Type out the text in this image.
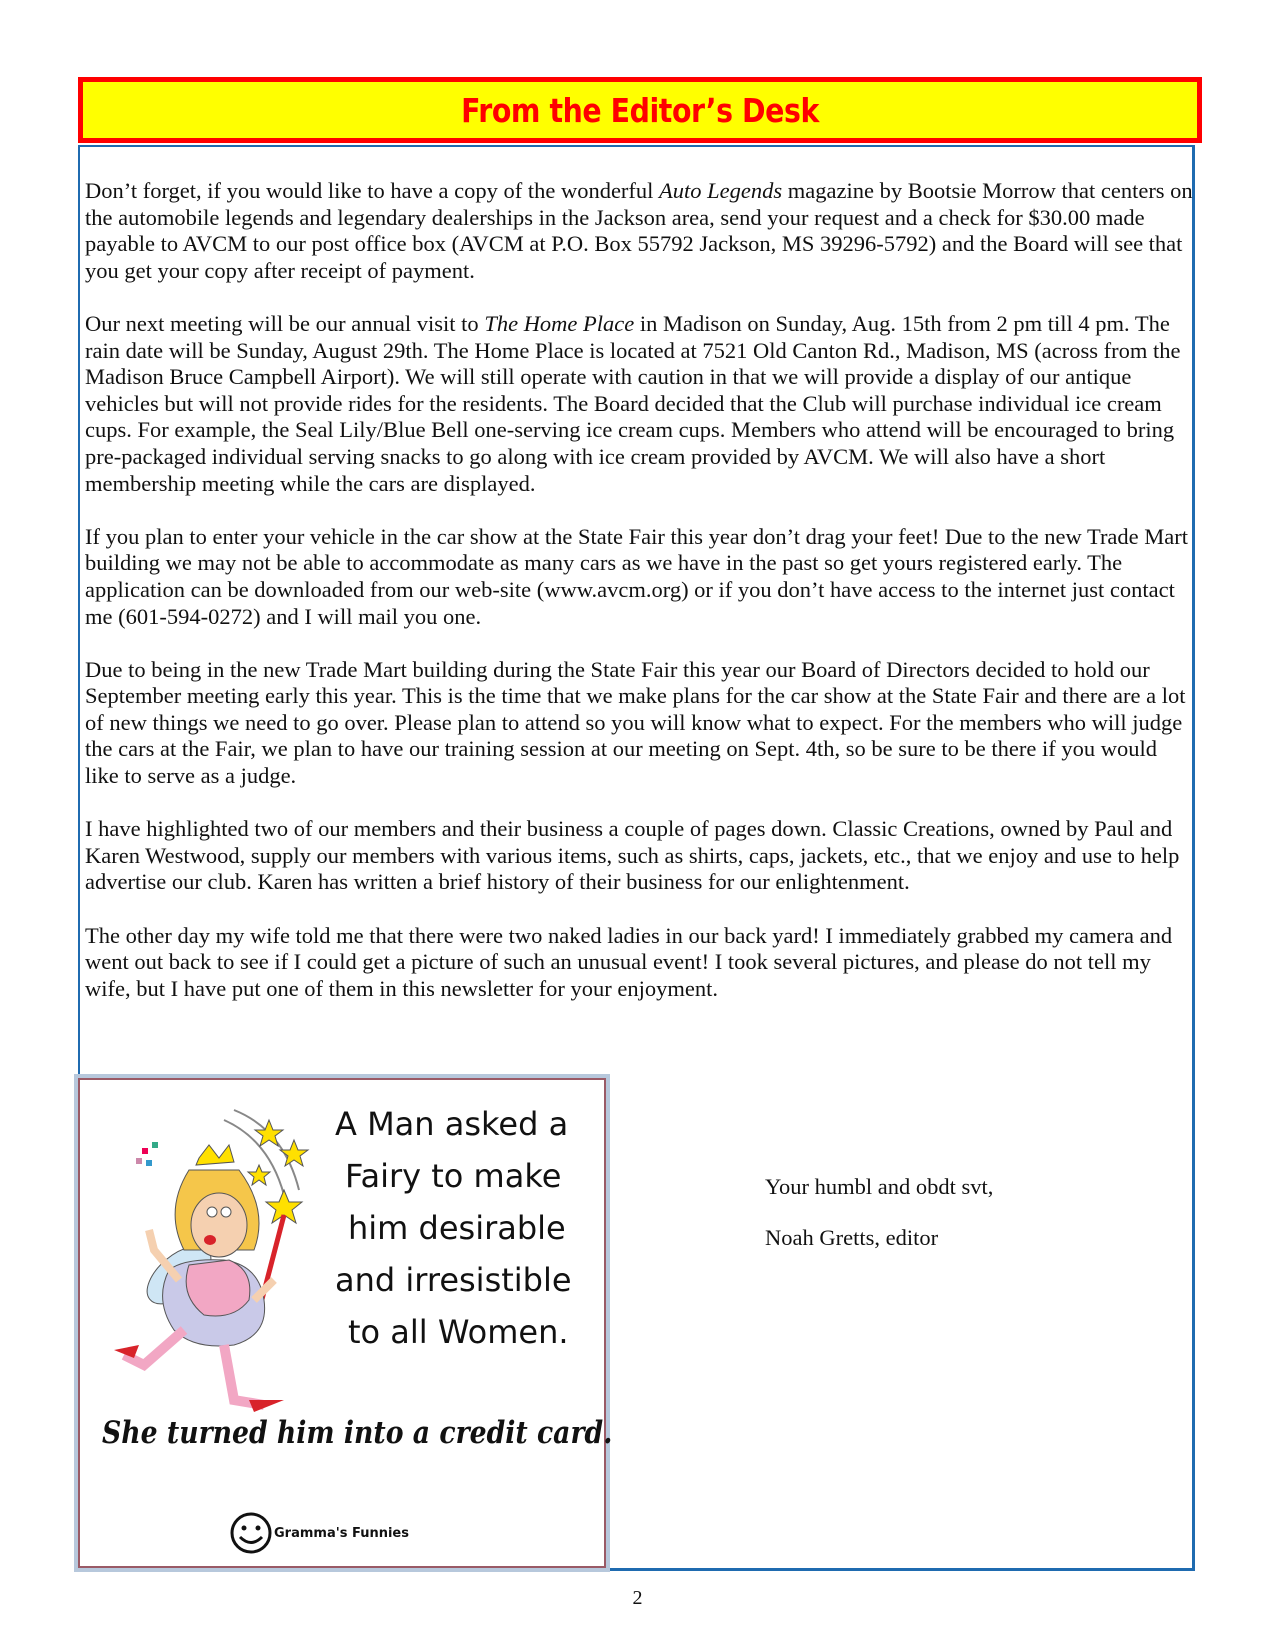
From the Editor’s Desk

Don’t forget, if you would like to have a copy of the wonderful Auto Legends magazine by Bootsie Morrow that centers on the automobile legends and legendary dealerships in the Jackson area, send your request and a check for $30.00 made payable to AVCM to our post office box (AVCM at P.O. Box 55792 Jackson, MS 39296-5792) and the Board will see that you get your copy after receipt of payment.

Our next meeting will be our annual visit to The Home Place in Madison on Sunday, Aug. 15th from 2 pm till 4 pm. The rain date will be Sunday, August 29th. The Home Place is located at 7521 Old Canton Rd., Madison, MS (across from the Madison Bruce Campbell Airport). We will still operate with caution in that we will provide a display of our antique vehicles but will not provide rides for the residents. The Board decided that the Club will purchase individual ice cream cups. For example, the Seal Lily/Blue Bell one-serving ice cream cups. Members who attend will be encouraged to bring pre-packaged individual serving snacks to go along with ice cream provided by AVCM. We will also have a short membership meeting while the cars are displayed.

If you plan to enter your vehicle in the car show at the State Fair this year don’t drag your feet! Due to the new Trade Mart building we may not be able to accommodate as many cars as we have in the past so get yours registered early. The application can be downloaded from our web-site (www.avcm.org) or if you don’t have access to the internet just contact me (601-594-0272) and I will mail you one.

Due to being in the new Trade Mart building during the State Fair this year our Board of Directors decided to hold our September meeting early this year. This is the time that we make plans for the car show at the State Fair and there are a lot of new things we need to go over. Please plan to attend so you will know what to expect. For the members who will judge the cars at the Fair, we plan to have our training session at our meeting on Sept. 4th, so be sure to be there if you would like to serve as a judge.

I have highlighted two of our members and their business a couple of pages down. Classic Creations, owned by Paul and Karen Westwood, supply our members with various items, such as shirts, caps, jackets, etc., that we enjoy and use to help advertise our club. Karen has written a brief history of their business for our enlightenment.

The other day my wife told me that there were two naked ladies in our back yard! I immediately grabbed my camera and went out back to see if I could get a picture of such an unusual event! I took several pictures, and please do not tell my wife, but I have put one of them in this newsletter for your enjoyment.

A Man asked a
Fairy to make
him desirable
and irresistible
to all Women.
She turned him into a credit card.
Gramma's Funnies
Your humbl and obdt svt,
Noah Gretts, editor
2
